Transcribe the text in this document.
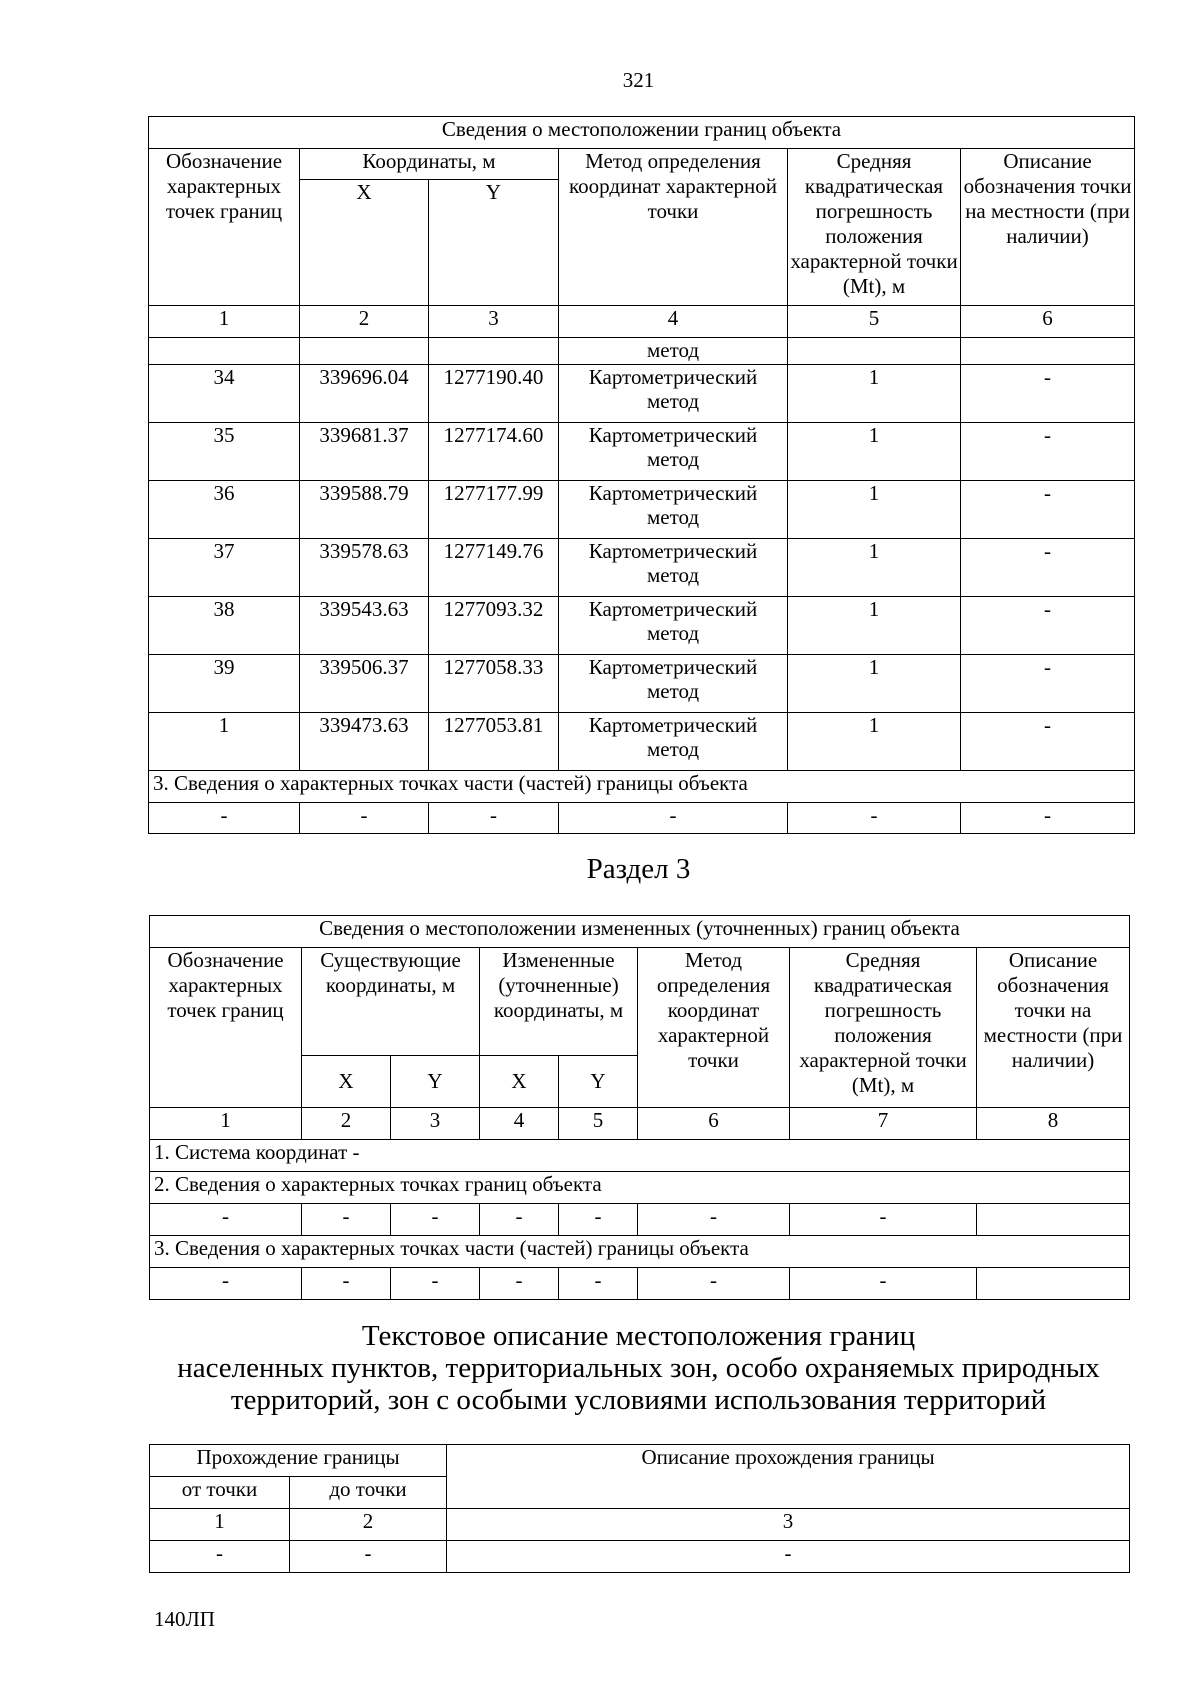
321
Сведения о местоположении границ объекта					
Обозначение характерных точек границ	Координаты, м		Метод определения координат характерной точки	Средняя квадратическая погрешность положения характерной точки (Mt), м	Описание обозначения точки на местности (при наличии)
	X	Y			
1	2	3	4	5	6
			метод		
34	339696.04	1277190.40	Картометрический метод	1	-
35	339681.37	1277174.60	Картометрический метод	1	-
36	339588.79	1277177.99	Картометрический метод	1	-
37	339578.63	1277149.76	Картометрический метод	1	-
38	339543.63	1277093.32	Картометрический метод	1	-
39	339506.37	1277058.33	Картометрический метод	1	-
1	339473.63	1277053.81	Картометрический метод	1	-
3. Сведения о характерных точках части (частей) границы объекта					
-	-	-	-	-	-
Раздел 3
Сведения о местоположении измененных (уточненных) границ объекта							
Обозначение характерных точек границ	Существующие координаты, м		Измененные (уточненные) координаты, м		Метод определения координат характерной точки	Средняя квадратическая погрешность положения характерной точки (Mt), м	Описание обозначения точки на местности (при наличии)
	X	Y	X	Y			
1	2	3	4	5	6	7	8
1. Система координат -							
2. Сведения о характерных точках границ объекта							
-	-	-	-	-	-	-	
3. Сведения о характерных точках части (частей) границы объекта							
-	-	-	-	-	-	-	
Текстовое описание местоположения границ
населенных пунктов, территориальных зон, особо охраняемых природных
территорий, зон с особыми условиями использования территорий
Прохождение границы		Описание прохождения границы
от точки	до точки	
1	2	3
-	-	-
140ЛП
